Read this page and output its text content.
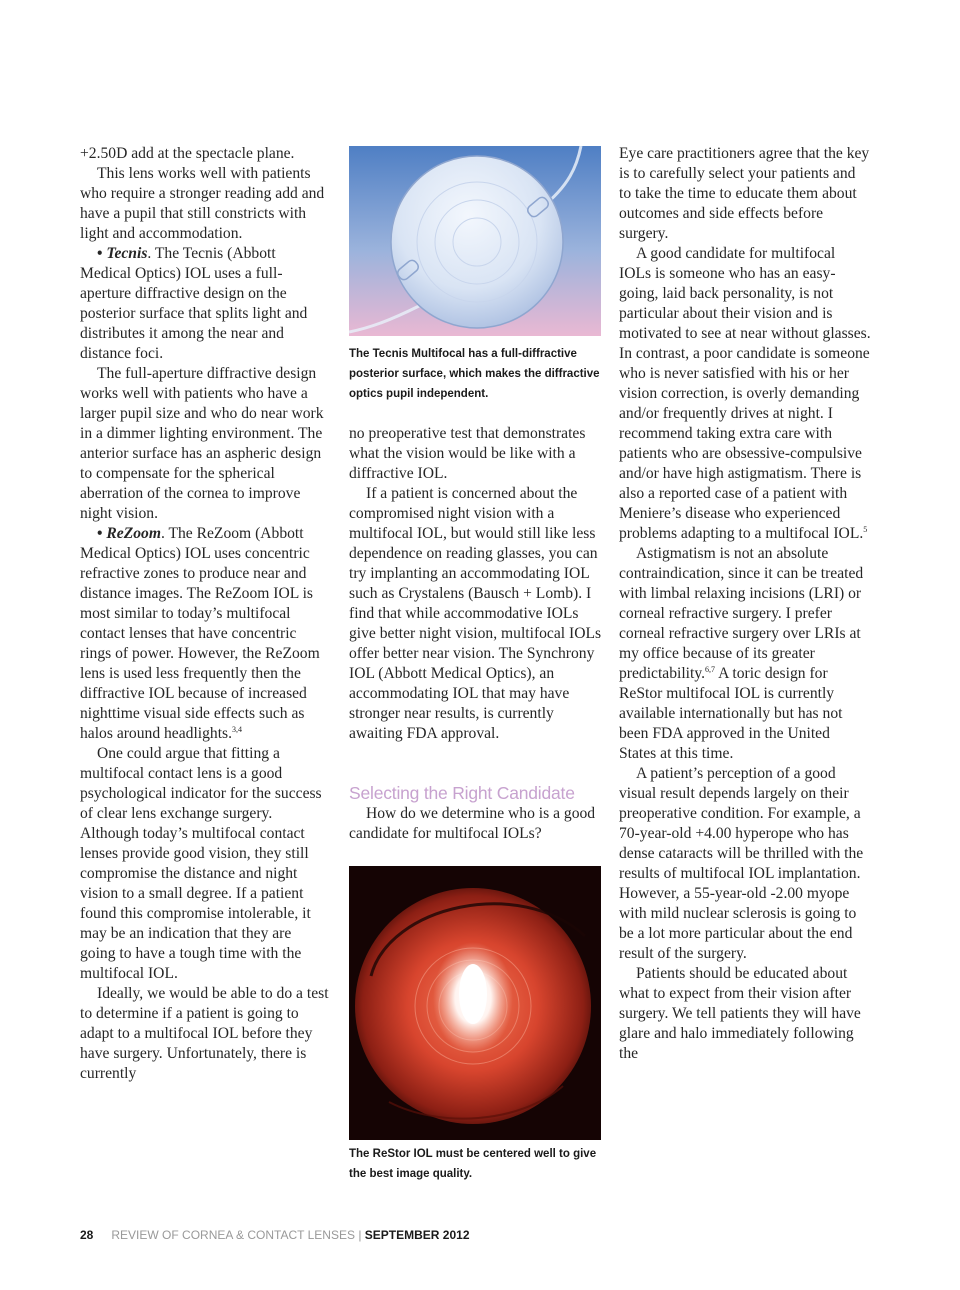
+2.50D add at the spectacle plane.

This lens works well with patients who require a stronger reading add and have a pupil that still constricts with light and accommodation.

• Tecnis. The Tecnis (Abbott Medical Optics) IOL uses a full-aperture diffractive design on the posterior surface that splits light and distributes it among the near and distance foci.

The full-aperture diffractive design works well with patients who have a larger pupil size and who do near work in a dimmer lighting environment. The anterior surface has an aspheric design to compensate for the spherical aberration of the cornea to improve night vision.

• ReZoom. The ReZoom (Abbott Medical Optics) IOL uses concentric refractive zones to produce near and distance images. The ReZoom IOL is most similar to today’s multifocal contact lenses that have concentric rings of power. However, the ReZoom lens is used less frequently then the diffractive IOL because of increased nighttime visual side effects such as halos around headlights.$^{3,4}$

One could argue that fitting a multifocal contact lens is a good psychological indicator for the success of clear lens exchange surgery. Although today’s multifocal contact lenses provide good vision, they still compromise the distance and night vision to a small degree. If a patient found this compromise intolerable, it may be an indication that they are going to have a tough time with the multifocal IOL.

Ideally, we would be able to do a test to determine if a patient is going to adapt to a multifocal IOL before they have surgery. Unfortunately, there is currently

The Tecnis Multifocal has a full-diffractive posterior surface, which makes the diffractive optics pupil independent.

no preoperative test that demonstrates what the vision would be like with a diffractive IOL.

If a patient is concerned about the compromised night vision with a multifocal IOL, but would still like less dependence on reading glasses, you can try implanting an accommodating IOL such as Crystalens (Bausch + Lomb). I find that while accommodative IOLs give better night vision, multifocal IOLs offer better near vision. The Synchrony IOL (Abbott Medical Optics), an accommodating IOL that may have stronger near results, is currently awaiting FDA approval.

Selecting the Right Candidate

How do we determine who is a good candidate for multifocal IOLs?

The ReStor IOL must be centered well to give the best image quality.

Eye care practitioners agree that the key is to carefully select your patients and to take the time to educate them about outcomes and side effects before surgery.

A good candidate for multifocal IOLs is someone who has an easy-going, laid back personality, is not particular about their vision and is motivated to see at near without glasses. In contrast, a poor candidate is someone who is never satisfied with his or her vision correction, is overly demanding and/or frequently drives at night. I recommend taking extra care with patients who are obsessive-compulsive and/or have high astigmatism. There is also a reported case of a patient with Meniere’s disease who experienced problems adapting to a multifocal IOL.$^5$

Astigmatism is not an absolute contraindication, since it can be treated with limbal relaxing incisions (LRI) or corneal refractive surgery. I prefer corneal refractive surgery over LRIs at my office because of its greater predictability.$^{6,7}$ A toric design for ReStor multifocal IOL is currently available internationally but has not been FDA approved in the United States at this time.

A patient’s perception of a good visual result depends largely on their preoperative condition. For example, a 70-year-old +4.00 hyperope who has dense cataracts will be thrilled with the results of multifocal IOL implantation. However, a 55-year-old -2.00 myope with mild nuclear sclerosis is going to be a lot more particular about the end result of the surgery.

Patients should be educated about what to expect from their vision after surgery. We tell patients they will have glare and halo immediately following the

28 REVIEW OF CORNEA & CONTACT LENSES | SEPTEMBER 2012
